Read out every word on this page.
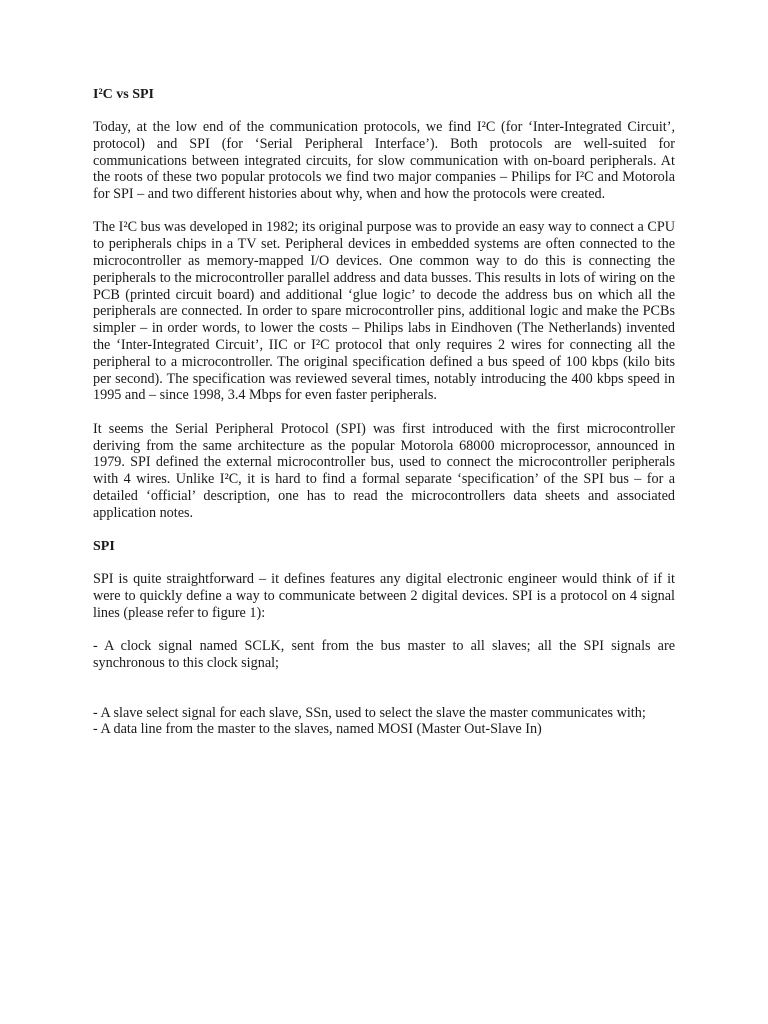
I²C vs SPI

Today, at the low end of the communication protocols, we find I²C (for ‘Inter-Integrated Circuit’, protocol) and SPI (for ‘Serial Peripheral Interface’). Both protocols are well-suited for communications between integrated circuits, for slow communication with on-board peripherals. At the roots of these two popular protocols we find two major companies – Philips for I²C and Motorola for SPI – and two different histories about why, when and how the protocols were created.

The I²C bus was developed in 1982; its original purpose was to provide an easy way to connect a CPU to peripherals chips in a TV set. Peripheral devices in embedded systems are often connected to the microcontroller as memory-mapped I/O devices. One common way to do this is connecting the peripherals to the microcontroller parallel address and data busses. This results in lots of wiring on the PCB (printed circuit board) and additional ‘glue logic’ to decode the address bus on which all the peripherals are connected. In order to spare microcontroller pins, additional logic and make the PCBs simpler – in order words, to lower the costs – Philips labs in Eindhoven (The Netherlands) invented the ‘Inter-Integrated Circuit’, IIC or I²C protocol that only requires 2 wires for connecting all the peripheral to a microcontroller. The original specification defined a bus speed of 100 kbps (kilo bits per second). The specification was reviewed several times, notably introducing the 400 kbps speed in 1995 and – since 1998, 3.4 Mbps for even faster peripherals.

It seems the Serial Peripheral Protocol (SPI) was first introduced with the first microcontroller deriving from the same architecture as the popular Motorola 68000 microprocessor, announced in 1979. SPI defined the external microcontroller bus, used to connect the microcontroller peripherals with 4 wires. Unlike I²C, it is hard to find a formal separate ‘specification’ of the SPI bus – for a detailed ‘official’ description, one has to read the microcontrollers data sheets and associated application notes.

SPI

SPI is quite straightforward – it defines features any digital electronic engineer would think of if it were to quickly define a way to communicate between 2 digital devices. SPI is a protocol on 4 signal lines (please refer to figure 1):

- A clock signal named SCLK, sent from the bus master to all slaves; all the SPI signals are synchronous to this clock signal;

- A slave select signal for each slave, SSn, used to select the slave the master communicates with;

- A data line from the master to the slaves, named MOSI (Master Out-Slave In)
